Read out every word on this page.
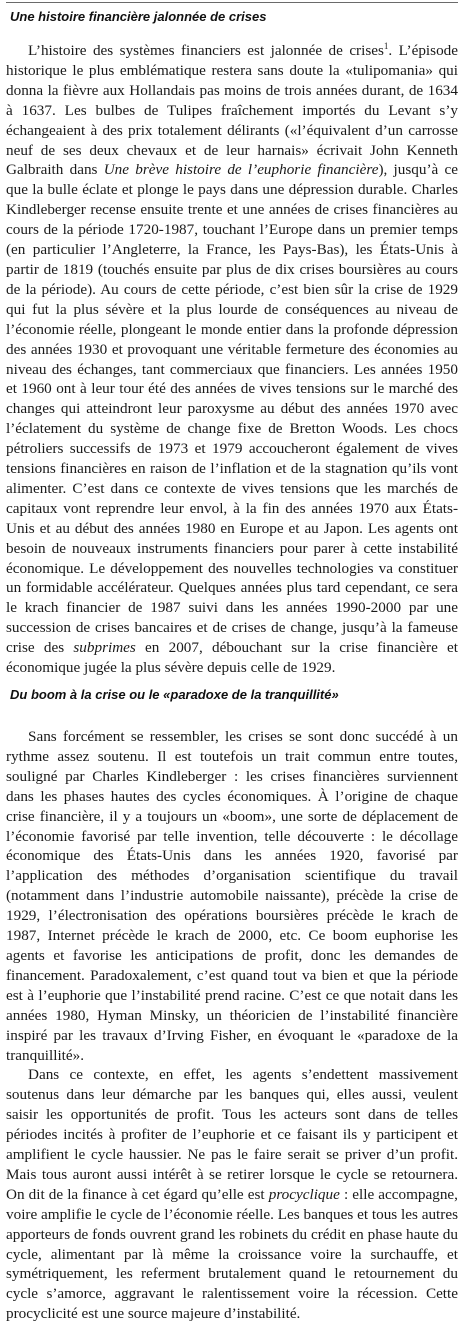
Une histoire financière jalonnée de crises

L’histoire des systèmes financiers est jalonnée de crises$^1$. L’épisode historique le plus emblématique restera sans doute la «tulipomania» qui donna la fièvre aux Hollandais pas moins de trois années durant, de 1634 à 1637. Les bulbes de Tulipes fraîchement importés du Levant s’y échangeaient à des prix totalement délirants («l’équivalent d’un carrosse neuf de ses deux chevaux et de leur harnais» écrivait John Kenneth Galbraith dans Une brève histoire de l’euphorie financière), jusqu’à ce que la bulle éclate et plonge le pays dans une dépression durable. Charles Kindleberger recense ensuite trente et une années de crises financières au cours de la période 1720-1987, touchant l’Europe dans un premier temps (en particulier l’Angleterre, la France, les Pays-Bas), les États-Unis à partir de 1819 (touchés ensuite par plus de dix crises boursières au cours de la période). Au cours de cette période, c’est bien sûr la crise de 1929 qui fut la plus sévère et la plus lourde de conséquences au niveau de l’économie réelle, plongeant le monde entier dans la profonde dépression des années 1930 et provoquant une véritable fermeture des économies au niveau des échanges, tant commerciaux que financiers. Les années 1950 et 1960 ont à leur tour été des années de vives tensions sur le marché des changes qui atteindront leur paroxysme au début des années 1970 avec l’éclatement du système de change fixe de Bretton Woods. Les chocs pétroliers successifs de 1973 et 1979 accoucheront également de vives tensions financières en raison de l’inflation et de la stagnation qu’ils vont alimenter. C’est dans ce contexte de vives tensions que les marchés de capitaux vont reprendre leur envol, à la fin des années 1970 aux États-Unis et au début des années 1980 en Europe et au Japon. Les agents ont besoin de nouveaux instruments financiers pour parer à cette instabilité économique. Le développement des nouvelles technologies va constituer un formidable accélérateur. Quelques années plus tard cependant, ce sera le krach financier de 1987 suivi dans les années 1990-2000 par une succession de crises bancaires et de crises de change, jusqu’à la fameuse crise des subprimes en 2007, débouchant sur la crise financière et économique jugée la plus sévère depuis celle de 1929.

Du boom à la crise ou le «paradoxe de la tranquillité»

Sans forcément se ressembler, les crises se sont donc succédé à un rythme assez soutenu. Il est toutefois un trait commun entre toutes, souligné par Charles Kindleberger : les crises financières surviennent dans les phases hautes des cycles économiques. À l’origine de chaque crise financière, il y a toujours un «boom», une sorte de déplacement de l’économie favorisé par telle invention, telle découverte : le décollage économique des États-Unis dans les années 1920, favorisé par l’application des méthodes d’organisation scientifique du travail (notamment dans l’industrie automobile naissante), précède la crise de 1929, l’électronisation des opérations boursières précède le krach de 1987, Internet précède le krach de 2000, etc. Ce boom euphorise les agents et favorise les anticipations de profit, donc les demandes de financement. Paradoxalement, c’est quand tout va bien et que la période est à l’euphorie que l’instabilité prend racine. C’est ce que notait dans les années 1980, Hyman Minsky, un théoricien de l’instabilité financière inspiré par les travaux d’Irving Fisher, en évoquant le «paradoxe de la tranquillité».

Dans ce contexte, en effet, les agents s’endettent massivement soutenus dans leur démarche par les banques qui, elles aussi, veulent saisir les opportunités de profit. Tous les acteurs sont dans de telles périodes incités à profiter de l’euphorie et ce faisant ils y participent et amplifient le cycle haussier. Ne pas le faire serait se priver d’un profit. Mais tous auront aussi intérêt à se retirer lorsque le cycle se retournera. On dit de la finance à cet égard qu’elle est procyclique : elle accompagne, voire amplifie le cycle de l’économie réelle. Les banques et tous les autres apporteurs de fonds ouvrent grand les robinets du crédit en phase haute du cycle, alimentant par là même la croissance voire la surchauffe, et symétriquement, les referment brutalement quand le retournement du cycle s’amorce, aggravant le ralentissement voire la récession. Cette procyclicité est une source majeure d’instabilité.
